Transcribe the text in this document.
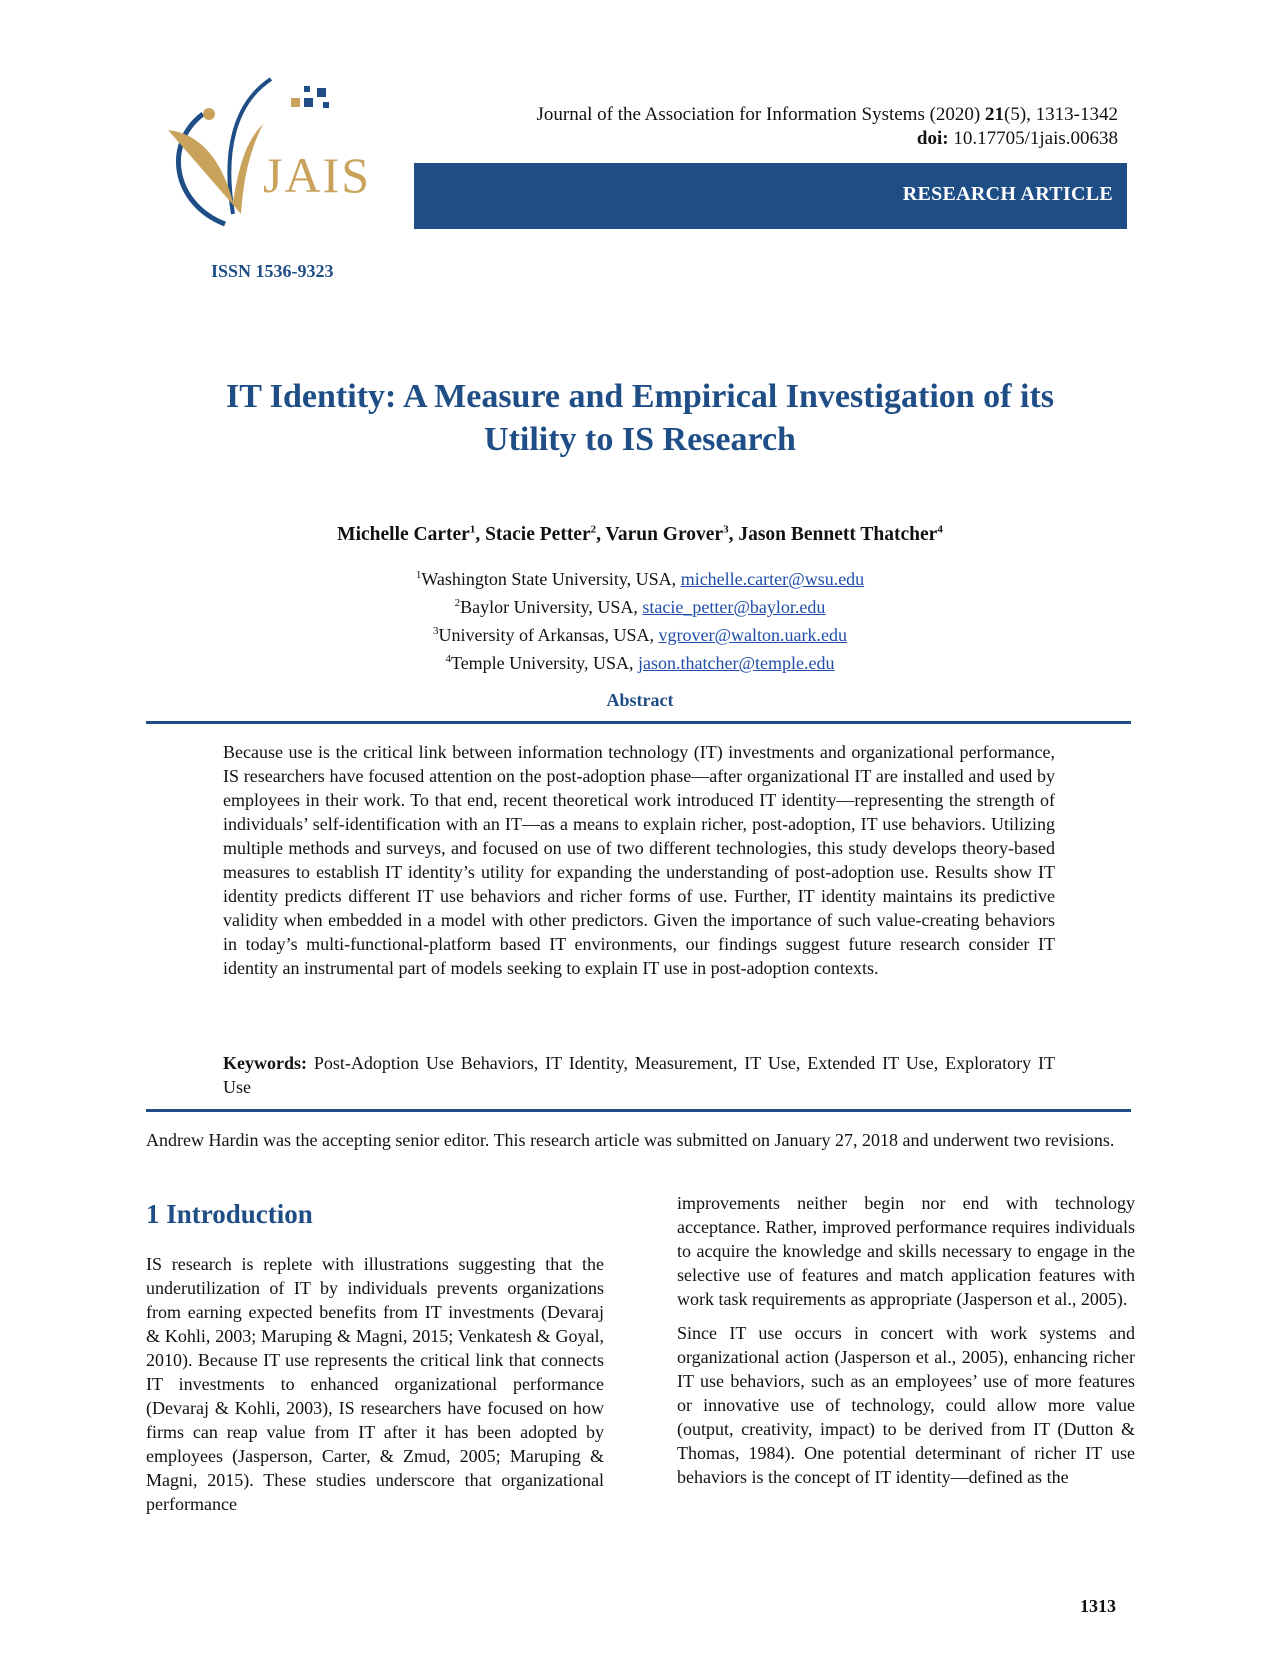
JAIS
Journal of the Association for Information Systems (2020) 21(5), 1313-1342
doi: 10.17705/1jais.00638
RESEARCH ARTICLE
ISSN 1536-9323
IT Identity: A Measure and Empirical Investigation of its
Utility to IS Research
Michelle Carter$^1$, Stacie Petter$^2$, Varun Grover$^3$, Jason Bennett Thatcher$^4$
$^1$Washington State University, USA, michelle.carter@wsu.edu
$^2$Baylor University, USA, stacie_petter@baylor.edu
$^3$University of Arkansas, USA, vgrover@walton.uark.edu
$^4$Temple University, USA, jason.thatcher@temple.edu
Abstract
Because use is the critical link between information technology (IT) investments and organizational performance, IS researchers have focused attention on the post-adoption phase—after organizational IT are installed and used by employees in their work. To that end, recent theoretical work introduced IT identity—representing the strength of individuals’ self-identification with an IT—as a means to explain richer, post-adoption, IT use behaviors. Utilizing multiple methods and surveys, and focused on use of two different technologies, this study develops theory-based measures to establish IT identity’s utility for expanding the understanding of post-adoption use. Results show IT identity predicts different IT use behaviors and richer forms of use. Further, IT identity maintains its predictive validity when embedded in a model with other predictors. Given the importance of such value-creating behaviors in today’s multi-functional-platform based IT environments, our findings suggest future research consider IT identity an instrumental part of models seeking to explain IT use in post-adoption contexts.
Keywords: Post-Adoption Use Behaviors, IT Identity, Measurement, IT Use, Extended IT Use, Exploratory IT Use
Andrew Hardin was the accepting senior editor. This research article was submitted on January 27, 2018 and underwent two revisions.
1 Introduction

IS research is replete with illustrations suggesting that the underutilization of IT by individuals prevents organizations from earning expected benefits from IT investments (Devaraj & Kohli, 2003; Maruping & Magni, 2015; Venkatesh & Goyal, 2010). Because IT use represents the critical link that connects IT investments to enhanced organizational performance (Devaraj & Kohli, 2003), IS researchers have focused on how firms can reap value from IT after it has been adopted by employees (Jasperson, Carter, & Zmud, 2005; Maruping & Magni, 2015). These studies underscore that organizational performance

improvements neither begin nor end with technology acceptance. Rather, improved performance requires individuals to acquire the knowledge and skills necessary to engage in the selective use of features and match application features with work task requirements as appropriate (Jasperson et al., 2005).

Since IT use occurs in concert with work systems and organizational action (Jasperson et al., 2005), enhancing richer IT use behaviors, such as an employees’ use of more features or innovative use of technology, could allow more value (output, creativity, impact) to be derived from IT (Dutton & Thomas, 1984). One potential determinant of richer IT use behaviors is the concept of IT identity—defined as the

1313
